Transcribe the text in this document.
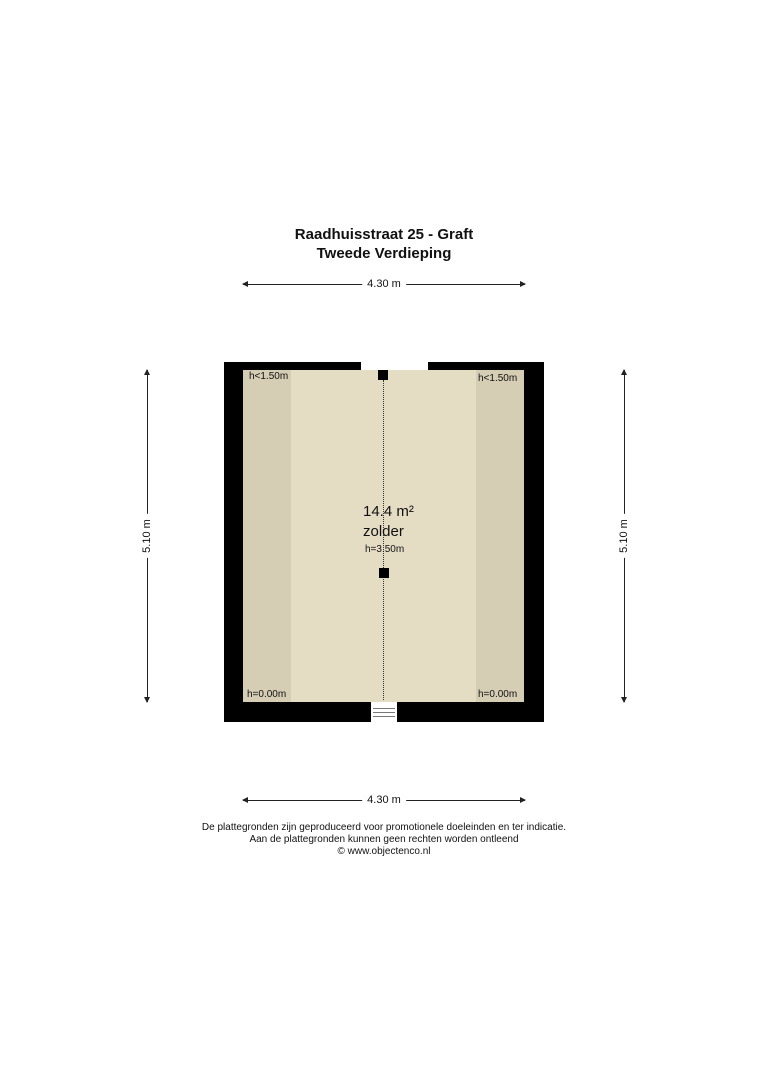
Raadhuisstraat 25 - Graft
Tweede Verdieping
4.30 m
4.30 m
5.10 m	5.10 m
h<1.50m	h<1.50m
h=0.00m	h=0.00m
14.4 m²
zolder
h=3.50m
De plattegronden zijn geproduceerd voor promotionele doeleinden en ter indicatie.
Aan de plattegronden kunnen geen rechten worden ontleend
© www.objectenco.nl
